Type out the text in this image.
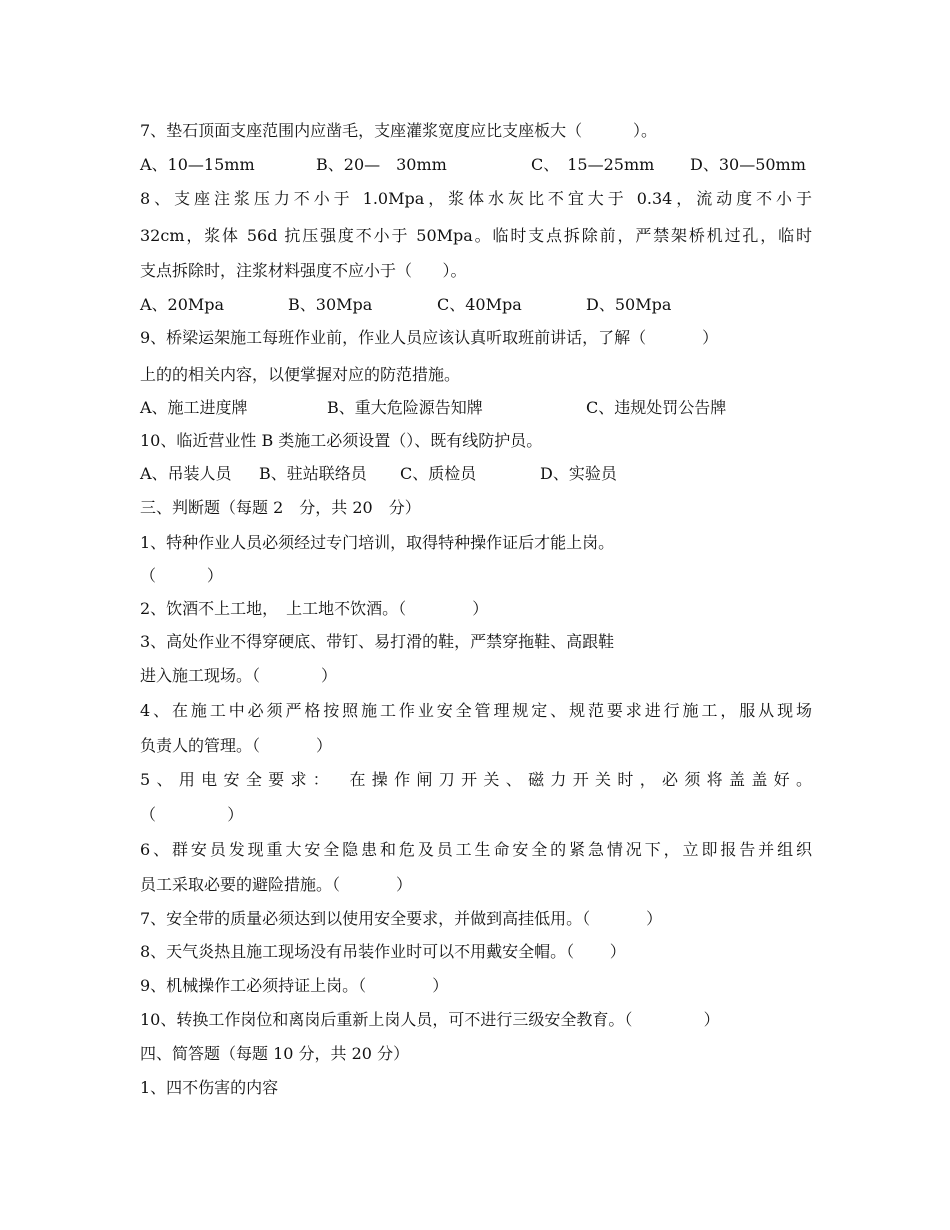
7、垫石顶面支座范围内应凿毛，支座灌浆宽度应比支座板大（          ）。
A、10—15mm	B、20—　30mm	C、　15—25mm D、30—50mm
8、支座注浆压力不小于 1.0Mpa，浆体水灰比不宜大于 0.34，流动度不小于
32cm，浆体 56d 抗压强度不小于 50Mpa。临时支点拆除前，严禁架桥机过孔，临时
支点拆除时，注浆材料强度不应小于（      ）。
A、20Mpa	B、30Mpa	C、40Mpa	D、50Mpa
9、桥梁运架施工每班作业前，作业人员应该认真听取班前讲话，了解（           ）
上的的相关内容，以便掌握对应的防范措施。
A、施工进度牌	B、重大危险源告知牌	C、违规处罚公告牌
10、临近营业性 B 类施工必须设置（）、既有线防护员。
A、吊装人员 B、驻站联络员 C、质检员	D、实验员
三、判断题（每题 2　分，共 20　分）
1、特种作业人员必须经过专门培训，取得特种操作证后才能上岗。
（          ）
2、饮酒不上工地，　上工地不饮酒。（             ）
3、高处作业不得穿硬底、带钉、易打滑的鞋，严禁穿拖鞋、高跟鞋
进入施工现场。（            ）
4、在施工中必须严格按照施工作业安全管理规定、规范要求进行施工，服从现场
负责人的管理。（           ）
5、用电安全要求：　在操作闸刀开关、磁力开关时，必须将盖盖好。
（              ）
6、群安员发现重大安全隐患和危及员工生命安全的紧急情况下，立即报告并组织
员工采取必要的避险措施。（           ）
7、安全带的质量必须达到以使用安全要求，并做到高挂低用。（           ）
8、天气炎热且施工现场没有吊装作业时可以不用戴安全帽。（       ）
9、机械操作工必须持证上岗。（             ）
10、转换工作岗位和离岗后重新上岗人员，可不进行三级安全教育。（              ）
四、简答题（每题 10 分，共 20 分）
1、四不伤害的内容
